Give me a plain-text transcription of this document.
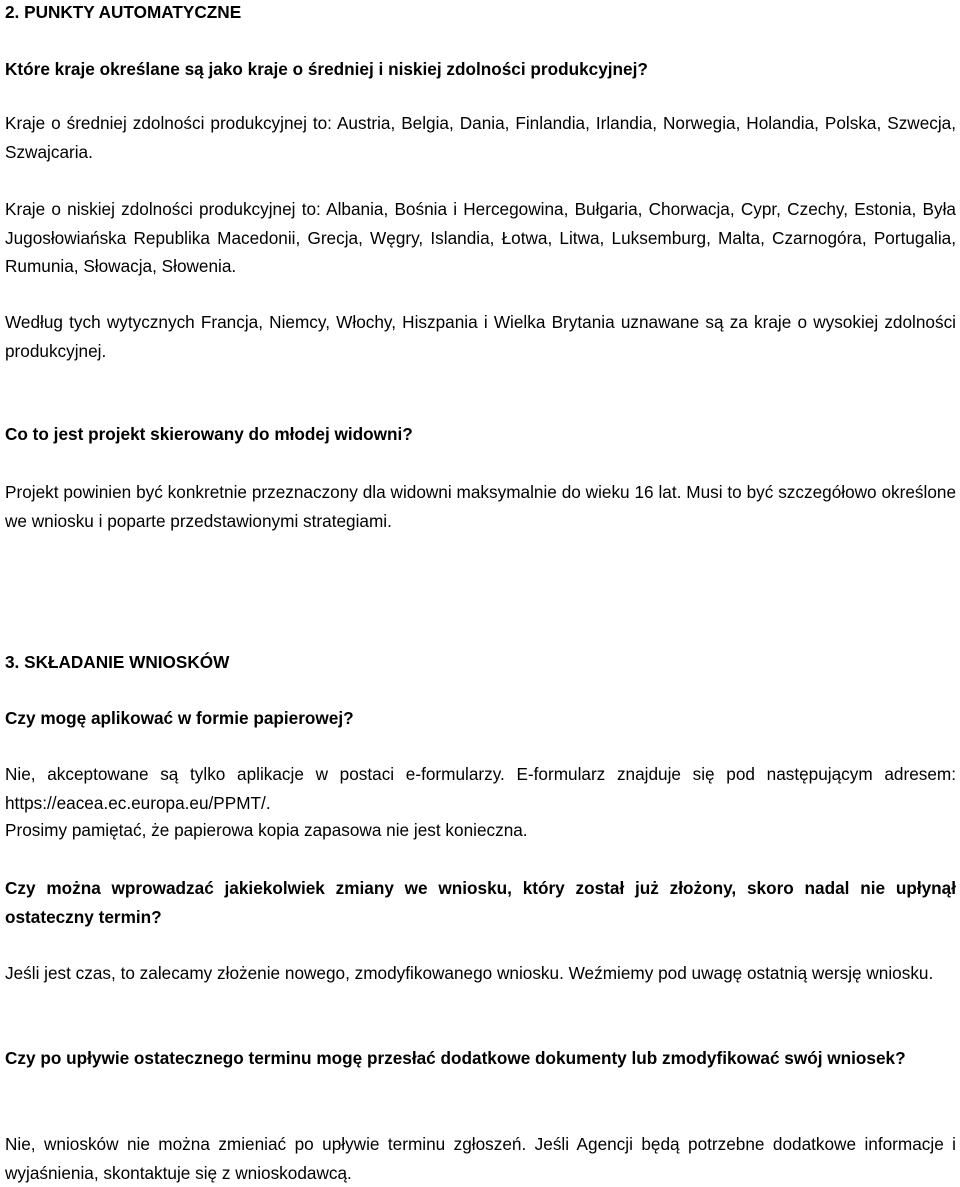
2. PUNKTY AUTOMATYCZNE

Które kraje określane są jako kraje o średniej i niskiej zdolności produkcyjnej?

Kraje o średniej zdolności produkcyjnej to: Austria, Belgia, Dania, Finlandia, Irlandia, Norwegia, Holandia, Polska, Szwecja, Szwajcaria.

Kraje o niskiej zdolności produkcyjnej to: Albania, Bośnia i Hercegowina, Bułgaria, Chorwacja, Cypr, Czechy, Estonia, Była Jugosłowiańska Republika Macedonii, Grecja, Węgry, Islandia, Łotwa, Litwa, Luksemburg, Malta, Czarnogóra, Portugalia, Rumunia, Słowacja, Słowenia.

Według tych wytycznych Francja, Niemcy, Włochy, Hiszpania i Wielka Brytania uznawane są za kraje o wysokiej zdolności produkcyjnej.

Co to jest projekt skierowany do młodej widowni?

Projekt powinien być konkretnie przeznaczony dla widowni maksymalnie do wieku 16 lat. Musi to być szczegółowo określone we wniosku i poparte przedstawionymi strategiami.

3. SKŁADANIE WNIOSKÓW

Czy mogę aplikować w formie papierowej?

Nie, akceptowane są tylko aplikacje w postaci e-formularzy. E-formularz znajduje się pod następującym adresem: https://eacea.ec.europa.eu/PPMT/.

Prosimy pamiętać, że papierowa kopia zapasowa nie jest konieczna.

Czy można wprowadzać jakiekolwiek zmiany we wniosku, który został już złożony, skoro nadal nie upłynął ostateczny termin?

Jeśli jest czas, to zalecamy złożenie nowego, zmodyfikowanego wniosku. Weźmiemy pod uwagę ostatnią wersję wniosku.

Czy po upływie ostatecznego terminu mogę przesłać dodatkowe dokumenty lub zmodyfikować swój wniosek?

Nie, wniosków nie można zmieniać po upływie terminu zgłoszeń. Jeśli Agencji będą potrzebne dodatkowe informacje i wyjaśnienia, skontaktuje się z wnioskodawcą.
